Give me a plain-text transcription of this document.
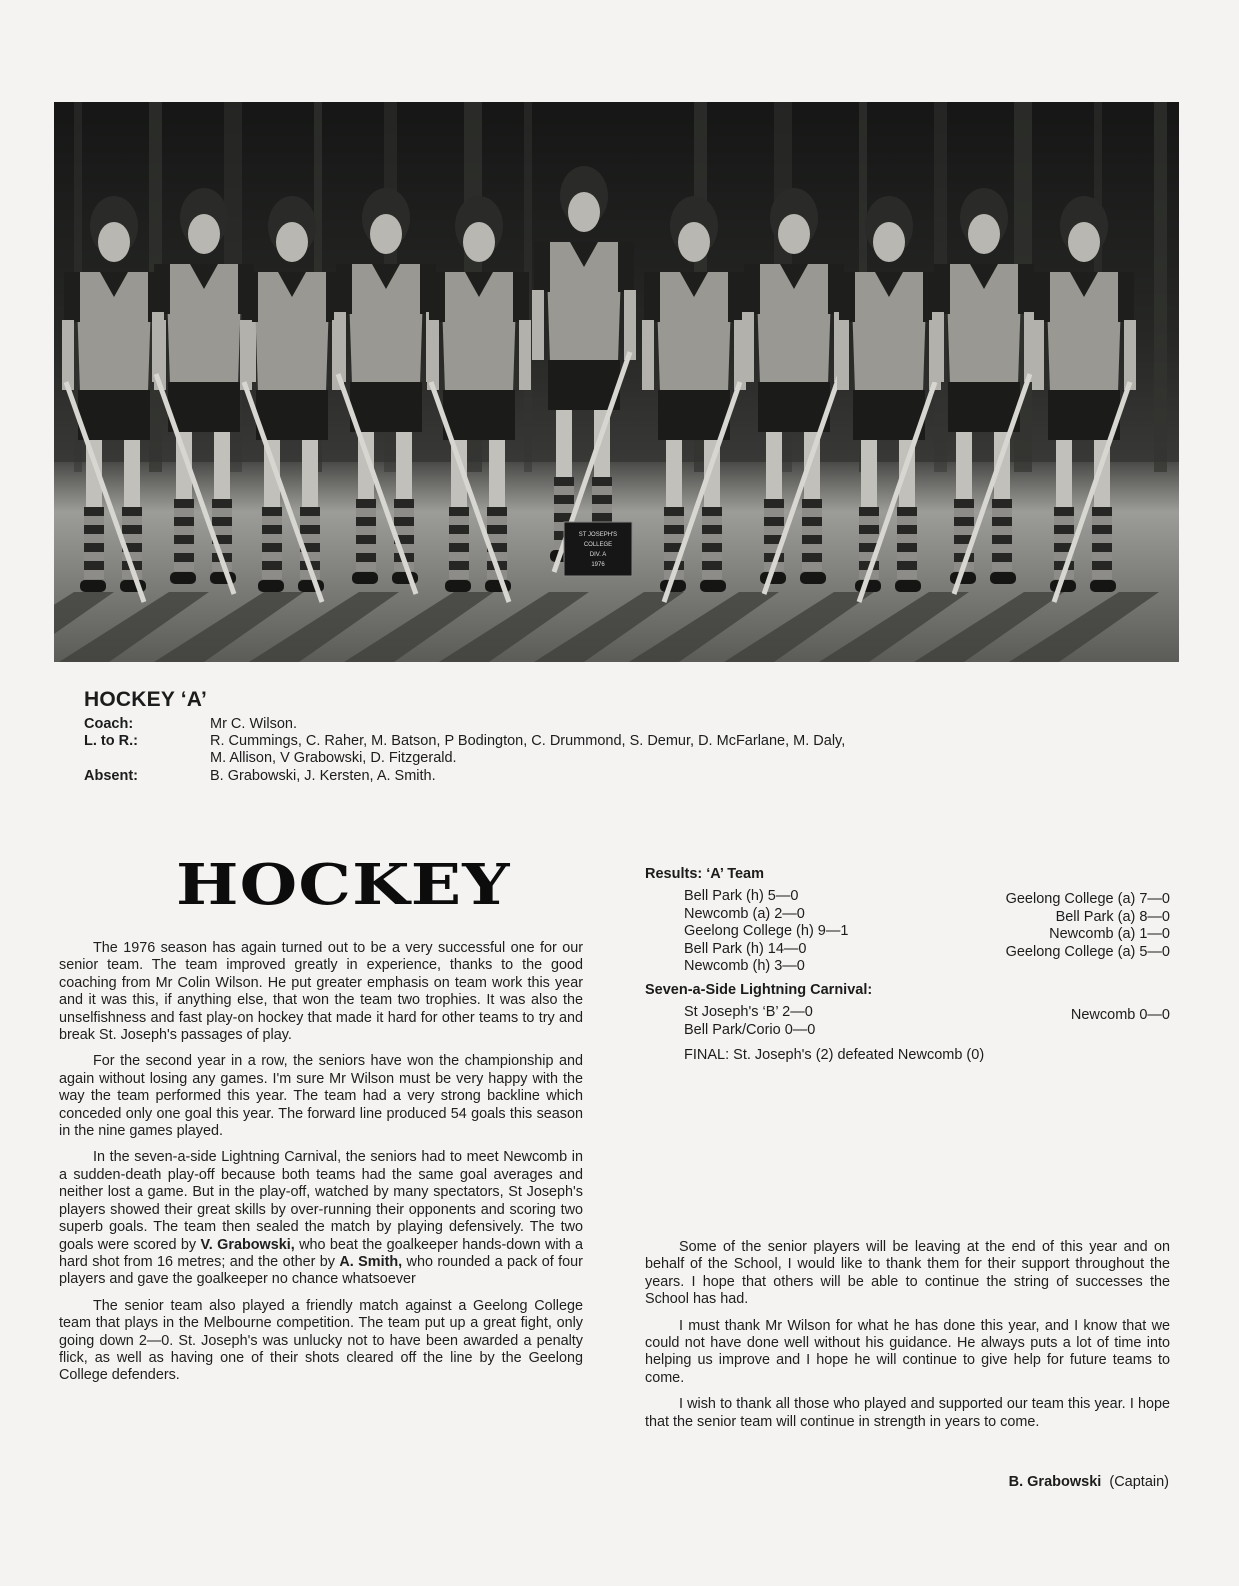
ST JOSEPH'S
COLLEGE
DIV. A
1976
HOCKEY ‘A’
Coach:	Mr C. Wilson.
L. to R.:	R. Cummings, C. Raher, M. Batson, P Bodington, C. Drummond, S. Demur, D. McFarlane, M. Daly,
M. Allison, V Grabowski, D. Fitzgerald.
Absent:	B. Grabowski, J. Kersten, A. Smith.
HOCKEY

The 1976 season has again turned out to be a very successful one for our senior team. The team improved greatly in experience, thanks to the good coaching from Mr Colin Wilson. He put greater emphasis on team work this year and it was this, if anything else, that won the team two trophies. It was also the unselfishness and fast play-on hockey that made it hard for other teams to try and break St. Joseph's passages of play.

For the second year in a row, the seniors have won the championship and again without losing any games. I'm sure Mr Wilson must be very happy with the way the team performed this year. The team had a very strong backline which conceded only one goal this year. The forward line produced 54 goals this season in the nine games played.

In the seven-a-side Lightning Carnival, the seniors had to meet Newcomb in a sudden-death play-off because both teams had the same goal averages and neither lost a game. But in the play-off, watched by many spectators, St Joseph's players showed their great skills by over-running their opponents and scoring two superb goals. The team then sealed the match by playing defensively. The two goals were scored by V. Grabowski, who beat the goalkeeper hands-down with a hard shot from 16 metres; and the other by A. Smith, who rounded a pack of four players and gave the goalkeeper no chance whatsoever

The senior team also played a friendly match against a Geelong College team that plays in the Melbourne competition. The team put up a great fight, only going down 2—0. St. Joseph's was unlucky not to have been awarded a penalty flick, as well as having one of their shots cleared off the line by the Geelong College defenders.

Results: ‘A’ Team
Bell Park (h) 5—0
Newcomb (a) 2—0
Geelong College (h) 9—1
Bell Park (h) 14—0
Newcomb (h) 3—0
Geelong College (a) 7—0
Bell Park (a) 8—0
Newcomb (a) 1—0
Geelong College (a) 5—0
Seven-a-Side Lightning Carnival:
St Joseph's ‘B’ 2—0
Bell Park/Corio 0—0
Newcomb 0—0
FINAL: St. Joseph's (2) defeated Newcomb (0)

Some of the senior players will be leaving at the end of this year and on behalf of the School, I would like to thank them for their support throughout the years. I hope that others will be able to continue the string of successes the School has had.

I must thank Mr Wilson for what he has done this year, and I know that we could not have done well without his guidance. He always puts a lot of time into helping us improve and I hope he will continue to give help for future teams to come.

I wish to thank all those who played and supported our team this year. I hope that the senior team will continue in strength in years to come.

B. Grabowski (Captain)
